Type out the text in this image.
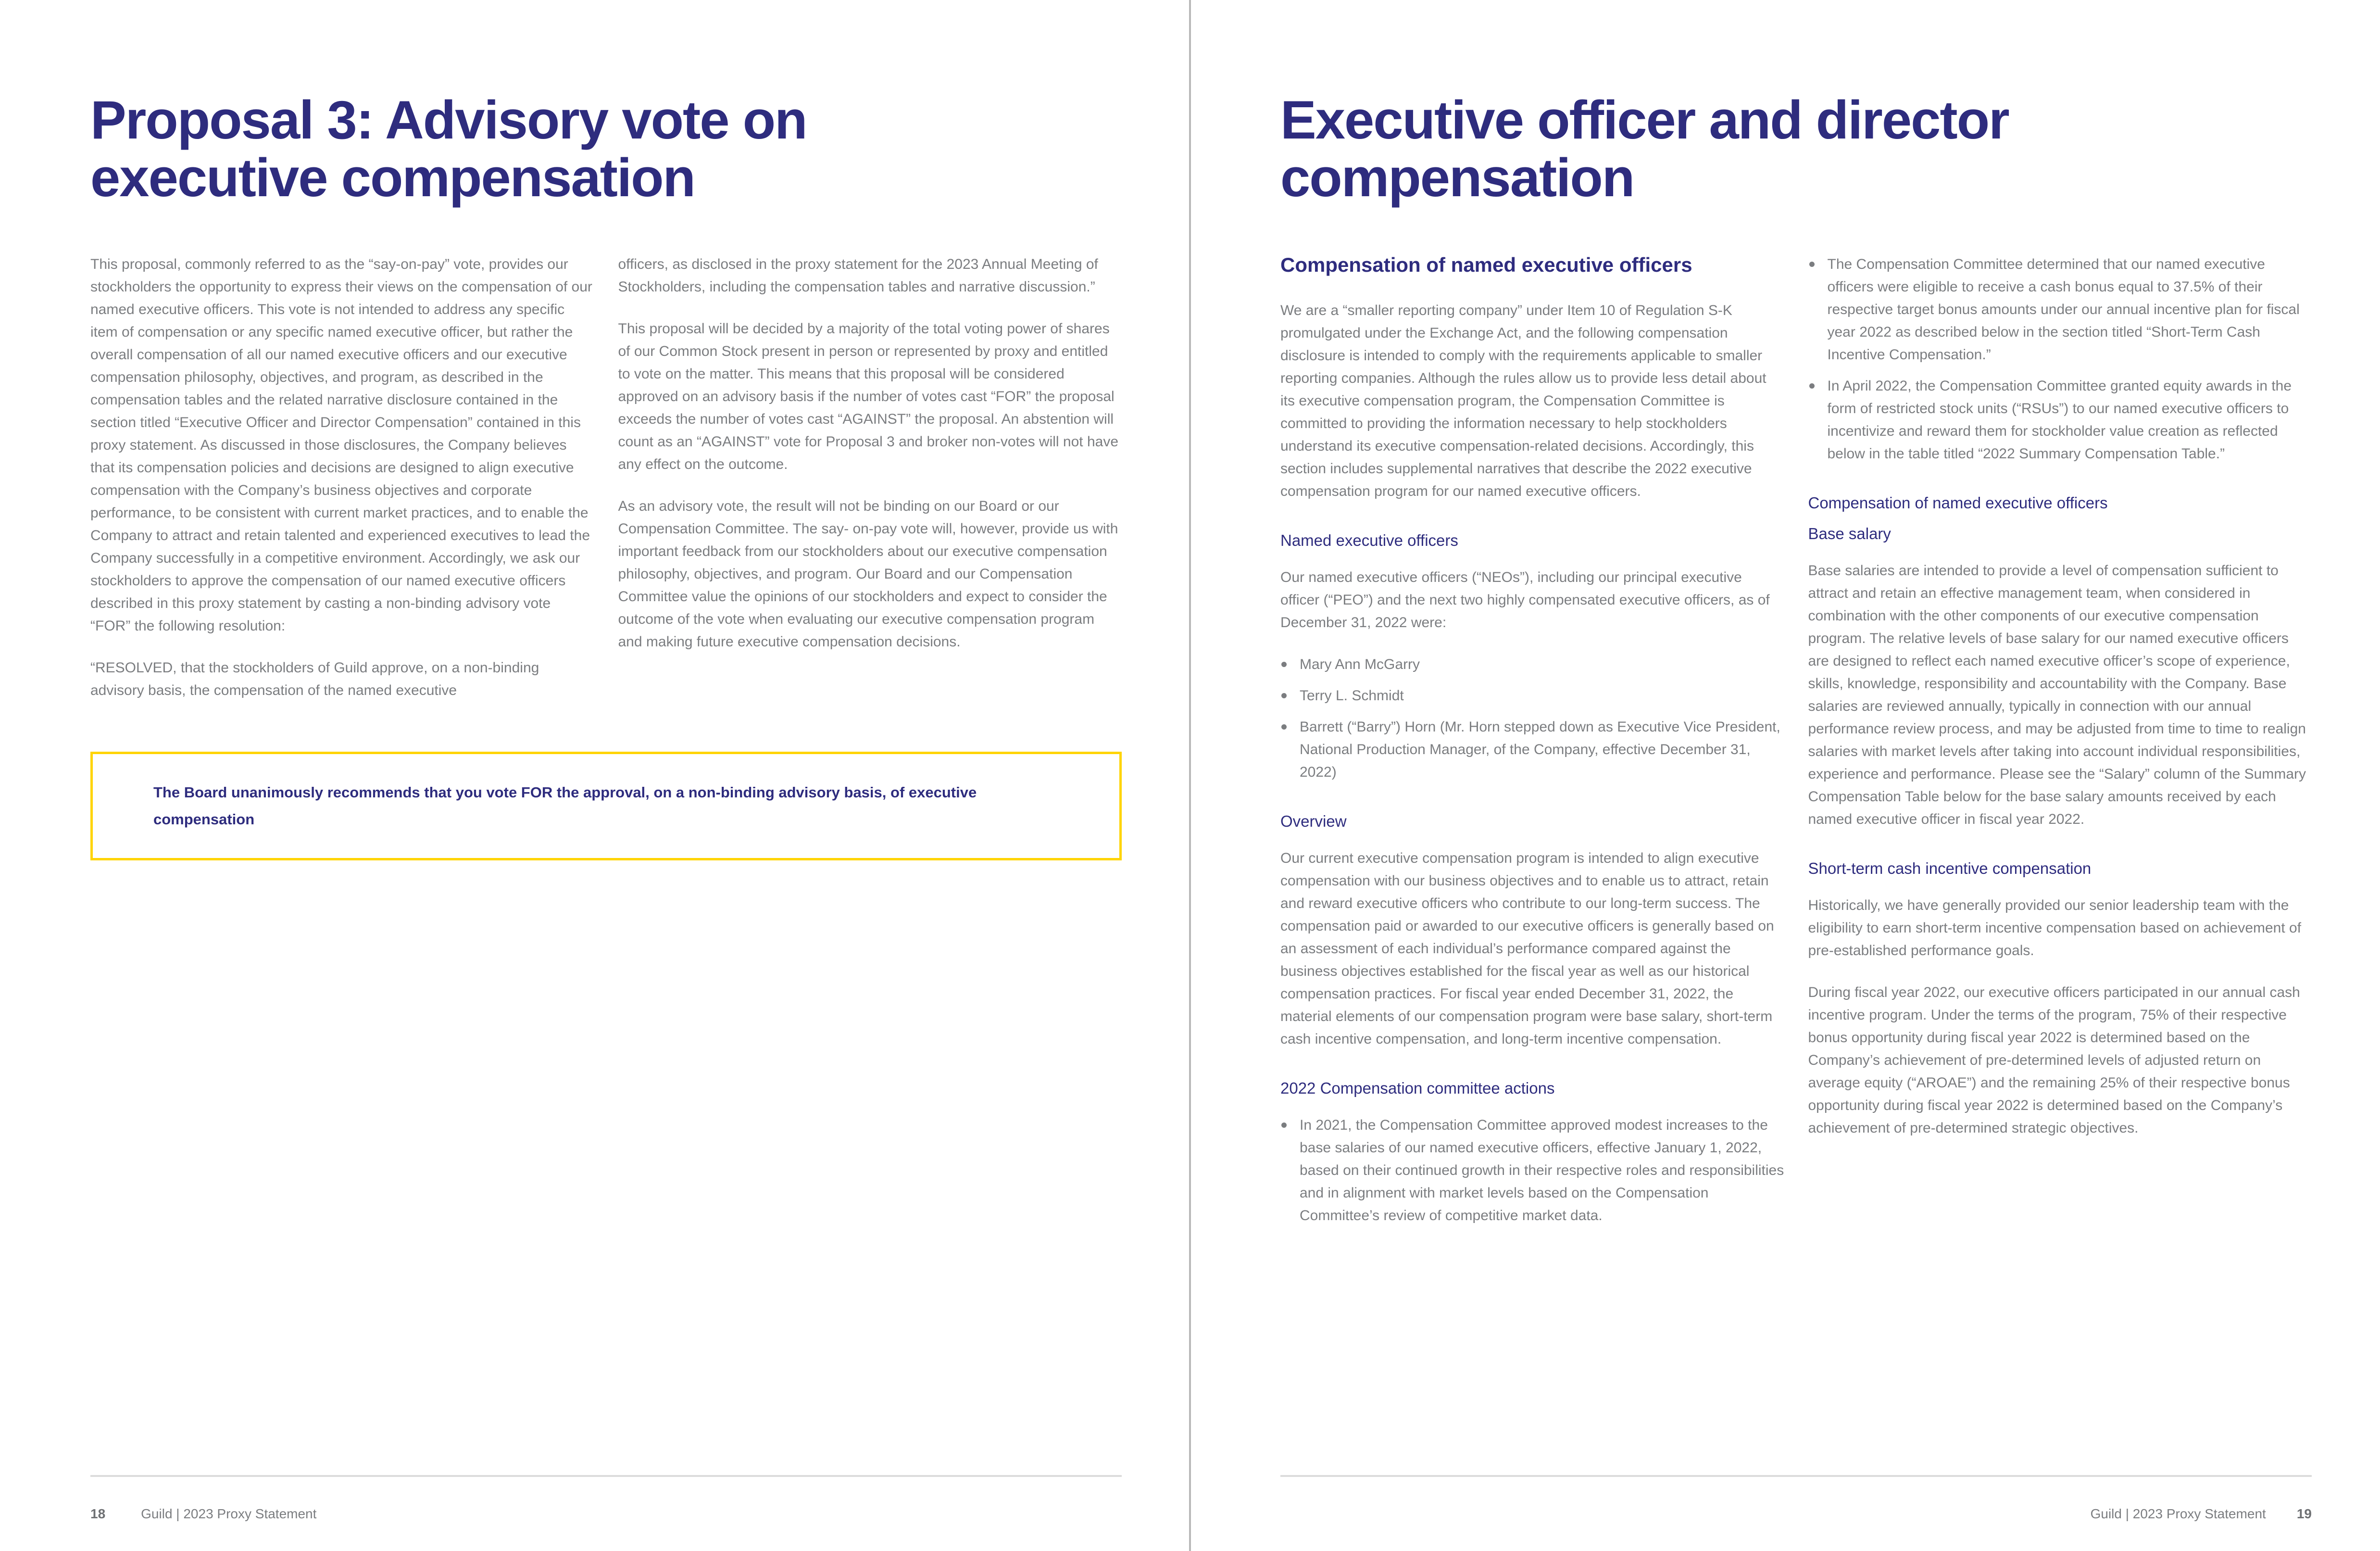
Proposal 3: Advisory vote on
executive compensation

This proposal, commonly referred to as the “say-on-pay” vote, provides our stockholders the opportunity to express their views on the compensation of our named executive officers. This vote is not intended to address any specific item of compensation or any specific named executive officer, but rather the overall compensation of all our named executive officers and our executive compensation philosophy, objectives, and program, as described in the compensation tables and the related narrative disclosure contained in the section titled “Executive Officer and Director Compensation” contained in this proxy statement. As discussed in those disclosures, the Company believes that its compensation policies and decisions are designed to align executive compensation with the Company’s business objectives and corporate performance, to be consistent with current market practices, and to enable the Company to attract and retain talented and experienced executives to lead the Company successfully in a competitive environment. Accordingly, we ask our stockholders to approve the compensation of our named executive officers described in this proxy statement by casting a non-binding advisory vote “FOR” the following resolution:

“RESOLVED, that the stockholders of Guild approve, on a non-binding advisory basis, the compensation of the named executive

officers, as disclosed in the proxy statement for the 2023 Annual Meeting of Stockholders, including the compensation tables and narrative discussion.”

This proposal will be decided by a majority of the total voting power of shares of our Common Stock present in person or represented by proxy and entitled to vote on the matter. This means that this proposal will be considered approved on an advisory basis if the number of votes cast “FOR” the proposal exceeds the number of votes cast “AGAINST” the proposal. An abstention will count as an “AGAINST” vote for Proposal 3 and broker non-votes will not have any effect on the outcome.

As an advisory vote, the result will not be binding on our Board or our Compensation Committee. The say- on-pay vote will, however, provide us with important feedback from our stockholders about our executive compensation philosophy, objectives, and program. Our Board and our Compensation Committee value the opinions of our stockholders and expect to consider the outcome of the vote when evaluating our executive compensation program and making future executive compensation decisions.

The Board unanimously recommends that you vote FOR the approval, on a non-binding advisory basis, of executive compensation

18	Guild | 2023 Proxy Statement
Executive officer and director
compensation
Compensation of named executive officers

We are a “smaller reporting company” under Item 10 of Regulation S-K promulgated under the Exchange Act, and the following compensation disclosure is intended to comply with the requirements applicable to smaller reporting companies. Although the rules allow us to provide less detail about its executive compensation program, the Compensation Committee is committed to providing the information necessary to help stockholders understand its executive compensation-related decisions. Accordingly, this section includes supplemental narratives that describe the 2022 executive compensation program for our named executive officers.

Named executive officers

Our named executive officers (“NEOs”), including our principal executive officer (“PEO”) and the next two highly compensated executive officers, as of December 31, 2022 were:

Mary Ann McGarry
Terry L. Schmidt
Barrett (“Barry”) Horn (Mr. Horn stepped down as Executive Vice President, National Production Manager, of the Company, effective December 31, 2022)
Overview

Our current executive compensation program is intended to align executive compensation with our business objectives and to enable us to attract, retain and reward executive officers who contribute to our long-term success. The compensation paid or awarded to our executive officers is generally based on an assessment of each individual’s performance compared against the business objectives established for the fiscal year as well as our historical compensation practices. For fiscal year ended December 31, 2022, the material elements of our compensation program were base salary, short-term cash incentive compensation, and long-term incentive compensation.

2022 Compensation committee actions
In 2021, the Compensation Committee approved modest increases to the base salaries of our named executive officers, effective January 1, 2022, based on their continued growth in their respective roles and responsibilities and in alignment with market levels based on the Compensation Committee’s review of competitive market data.
The Compensation Committee determined that our named executive officers were eligible to receive a cash bonus equal to 37.5% of their respective target bonus amounts under our annual incentive plan for fiscal year 2022 as described below in the section titled “Short-Term Cash Incentive Compensation.”
In April 2022, the Compensation Committee granted equity awards in the form of restricted stock units (“RSUs”) to our named executive officers to incentivize and reward them for stockholder value creation as reflected below in the table titled “2022 Summary Compensation Table.”
Compensation of named executive officers
Base salary

Base salaries are intended to provide a level of compensation sufficient to attract and retain an effective management team, when considered in combination with the other components of our executive compensation program. The relative levels of base salary for our named executive officers are designed to reflect each named executive officer’s scope of experience, skills, knowledge, responsibility and accountability with the Company. Base salaries are reviewed annually, typically in connection with our annual performance review process, and may be adjusted from time to time to realign salaries with market levels after taking into account individual responsibilities, experience and performance. Please see the “Salary” column of the Summary Compensation Table below for the base salary amounts received by each named executive officer in fiscal year 2022.

Short-term cash incentive compensation

Historically, we have generally provided our senior leadership team with the eligibility to earn short-term incentive compensation based on achievement of pre-established performance goals.

During fiscal year 2022, our executive officers participated in our annual cash incentive program. Under the terms of the program, 75% of their respective bonus opportunity during fiscal year 2022 is determined based on the Company’s achievement of pre-determined levels of adjusted return on average equity (“AROAE”) and the remaining 25% of their respective bonus opportunity during fiscal year 2022 is determined based on the Company’s achievement of pre-determined strategic objectives.

Guild | 2023 Proxy Statement 19
